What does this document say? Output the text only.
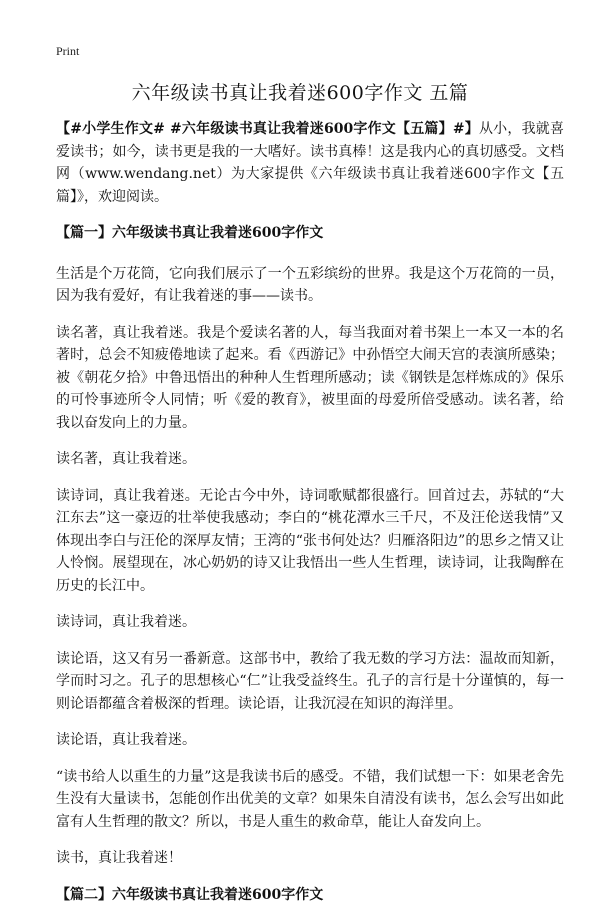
Print
六年级读书真让我着迷600字作文 五篇

【#小学生作文# #六年级读书真让我着迷600字作文【五篇】#】从小，我就喜爱读书；如今，读书更是我的一大嗜好。读书真棒！这是我内心的真切感受。文档网（www.wendang.net）为大家提供《六年级读书真让我着迷600字作文【五篇】》，欢迎阅读。

【篇一】六年级读书真让我着迷600字作文

生活是个万花筒，它向我们展示了一个五彩缤纷的世界。我是这个万花筒的一员，因为我有爱好，有让我着迷的事——读书。

读名著，真让我着迷。我是个爱读名著的人，每当我面对着书架上一本又一本的名著时，总会不知疲倦地读了起来。看《西游记》中孙悟空大闹天宫的表演所感染；被《朝花夕拾》中鲁迅悟出的种种人生哲理所感动；读《钢铁是怎样炼成的》保乐的可怜事迹所令人同情；听《爱的教育》，被里面的母爱所倍受感动。读名著，给我以奋发向上的力量。

读名著，真让我着迷。

读诗词，真让我着迷。无论古今中外，诗词歌赋都很盛行。回首过去，苏轼的“大江东去”这一豪迈的壮举使我感动；李白的“桃花潭水三千尺，不及汪伦送我情”又体现出李白与汪伦的深厚友情；王湾的“张书何处达？归雁洛阳边”的思乡之情又让人怜悯。展望现在，冰心奶奶的诗又让我悟出一些人生哲理，读诗词，让我陶醉在历史的长江中。

读诗词，真让我着迷。

读论语，这又有另一番新意。这部书中，教给了我无数的学习方法：温故而知新，学而时习之。孔子的思想核心“仁”让我受益终生。孔子的言行是十分谨慎的，每一则论语都蕴含着极深的哲理。读论语，让我沉浸在知识的海洋里。

读论语，真让我着迷。

“读书给人以重生的力量”这是我读书后的感受。不错，我们试想一下：如果老舍先生没有大量读书，怎能创作出优美的文章？如果朱自清没有读书，怎么会写出如此富有人生哲理的散文？所以，书是人重生的救命草，能让人奋发向上。

读书，真让我着迷！

【篇二】六年级读书真让我着迷600字作文
